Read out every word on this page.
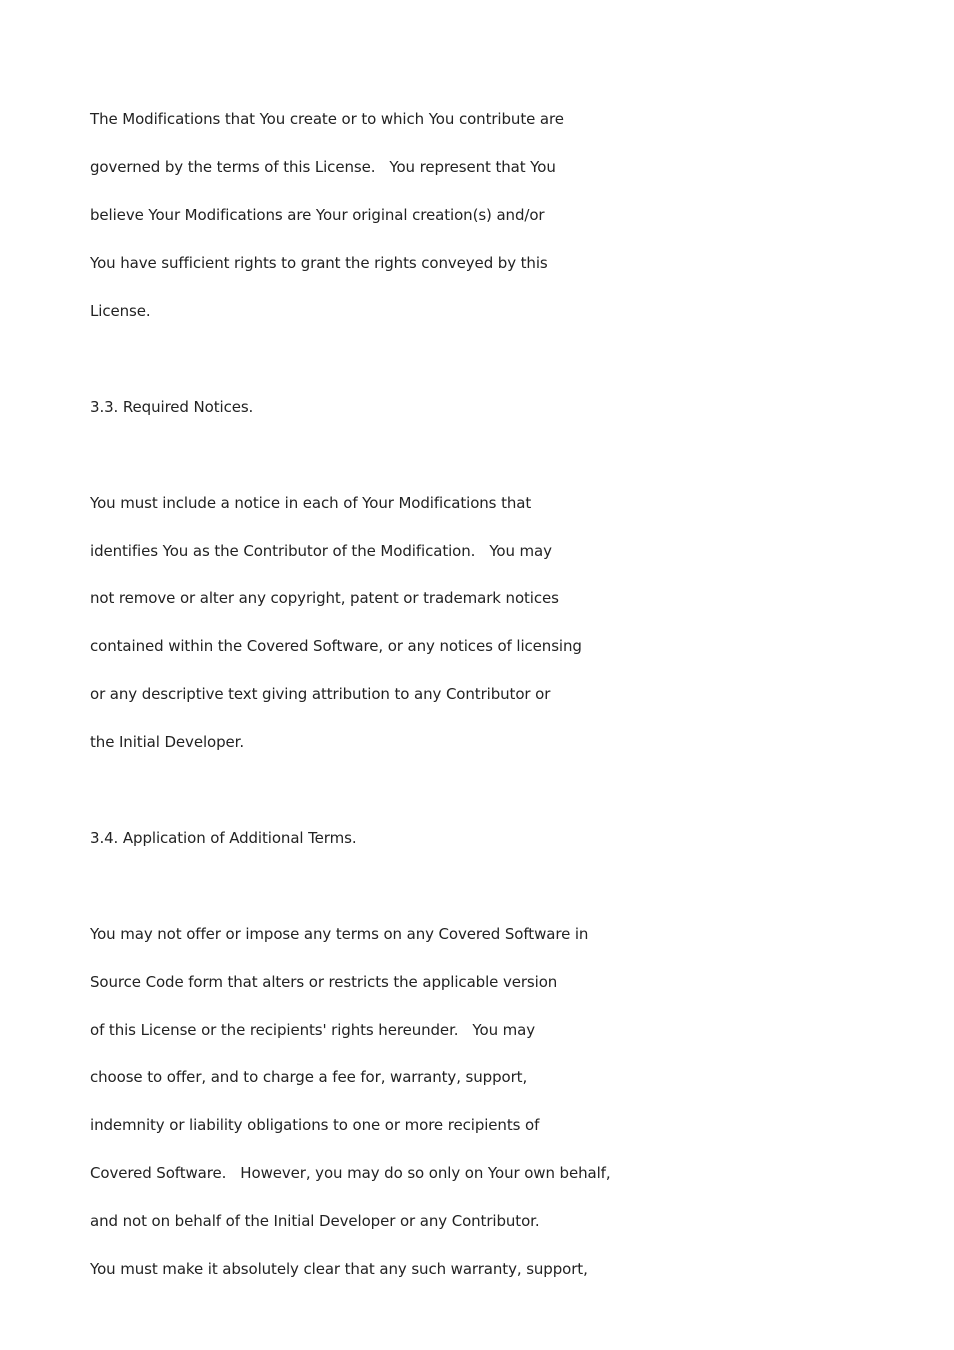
The Modifications that You create or to which You contribute are
governed by the terms of this License.   You represent that You
believe Your Modifications are Your original creation(s) and/or
You have sufficient rights to grant the rights conveyed by this
License.
3.3. Required Notices.
You must include a notice in each of Your Modifications that
identifies You as the Contributor of the Modification.   You may
not remove or alter any copyright, patent or trademark notices
contained within the Covered Software, or any notices of licensing
or any descriptive text giving attribution to any Contributor or
the Initial Developer.
3.4. Application of Additional Terms.
You may not offer or impose any terms on any Covered Software in
Source Code form that alters or restricts the applicable version
of this License or the recipients' rights hereunder.   You may
choose to offer, and to charge a fee for, warranty, support,
indemnity or liability obligations to one or more recipients of
Covered Software.   However, you may do so only on Your own behalf,
and not on behalf of the Initial Developer or any Contributor.
You must make it absolutely clear that any such warranty, support,
